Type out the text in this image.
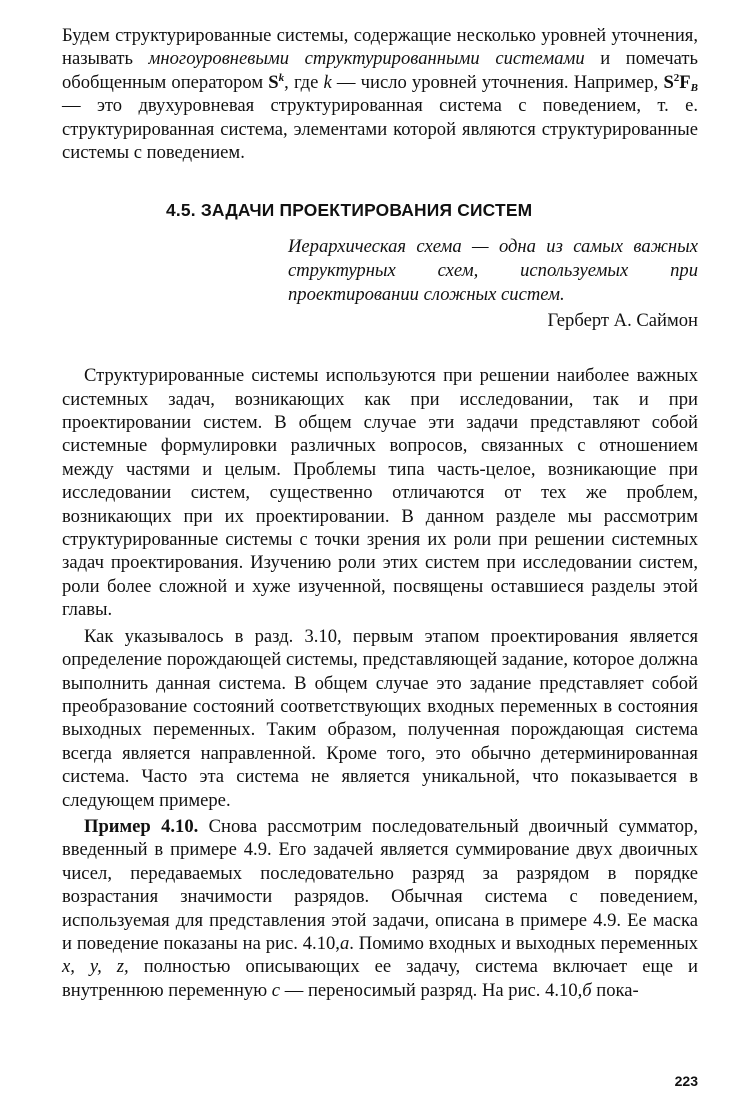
Будем структурированные системы, содержащие несколько уровней уточнения, называть многоуровневыми структурированными системами и помечать обобщенным оператором $S^k$, где k — число уровней уточнения. Например, $S^2F_B$ — это двухуровневая структурированная система с поведением, т. е. структурированная система, элементами которой являются структурированные системы с поведением.

4.5. ЗАДАЧИ ПРОЕКТИРОВАНИЯ СИСТЕМ
Иерархическая схема — одна из самых важных структурных схем, используемых при проектировании сложных систем.
Герберт А. Саймон

Структурированные системы используются при решении наиболее важных системных задач, возникающих как при исследовании, так и при проектировании систем. В общем случае эти задачи представляют собой системные формулировки различных вопросов, связанных с отношением между частями и целым. Проблемы типа часть-целое, возникающие при исследовании систем, существенно отличаются от тех же проблем, возникающих при их проектировании. В данном разделе мы рассмотрим структурированные системы с точки зрения их роли при решении системных задач проектирования. Изучению роли этих систем при исследовании систем, роли более сложной и хуже изученной, посвящены оставшиеся разделы этой главы.

Как указывалось в разд. 3.10, первым этапом проектирования является определение порождающей системы, представляющей задание, которое должна выполнить данная система. В общем случае это задание представляет собой преобразование состояний соответствующих входных переменных в состояния выходных переменных. Таким образом, полученная порождающая система всегда является направленной. Кроме того, это обычно детерминированная система. Часто эта система не является уникальной, что показывается в следующем примере.

Пример 4.10. Снова рассмотрим последовательный двоичный сумматор, введенный в примере 4.9. Его задачей является суммирование двух двоичных чисел, передаваемых последовательно разряд за разрядом в порядке возрастания значимости разрядов. Обычная система с поведением, используемая для представления этой задачи, описана в примере 4.9. Ее маска и поведение показаны на рис. 4.10,а. Помимо входных и выходных переменных x, y, z, полностью описывающих ее задачу, система включает еще и внутреннюю переменную c — переносимый разряд. На рис. 4.10,б пока-

223
